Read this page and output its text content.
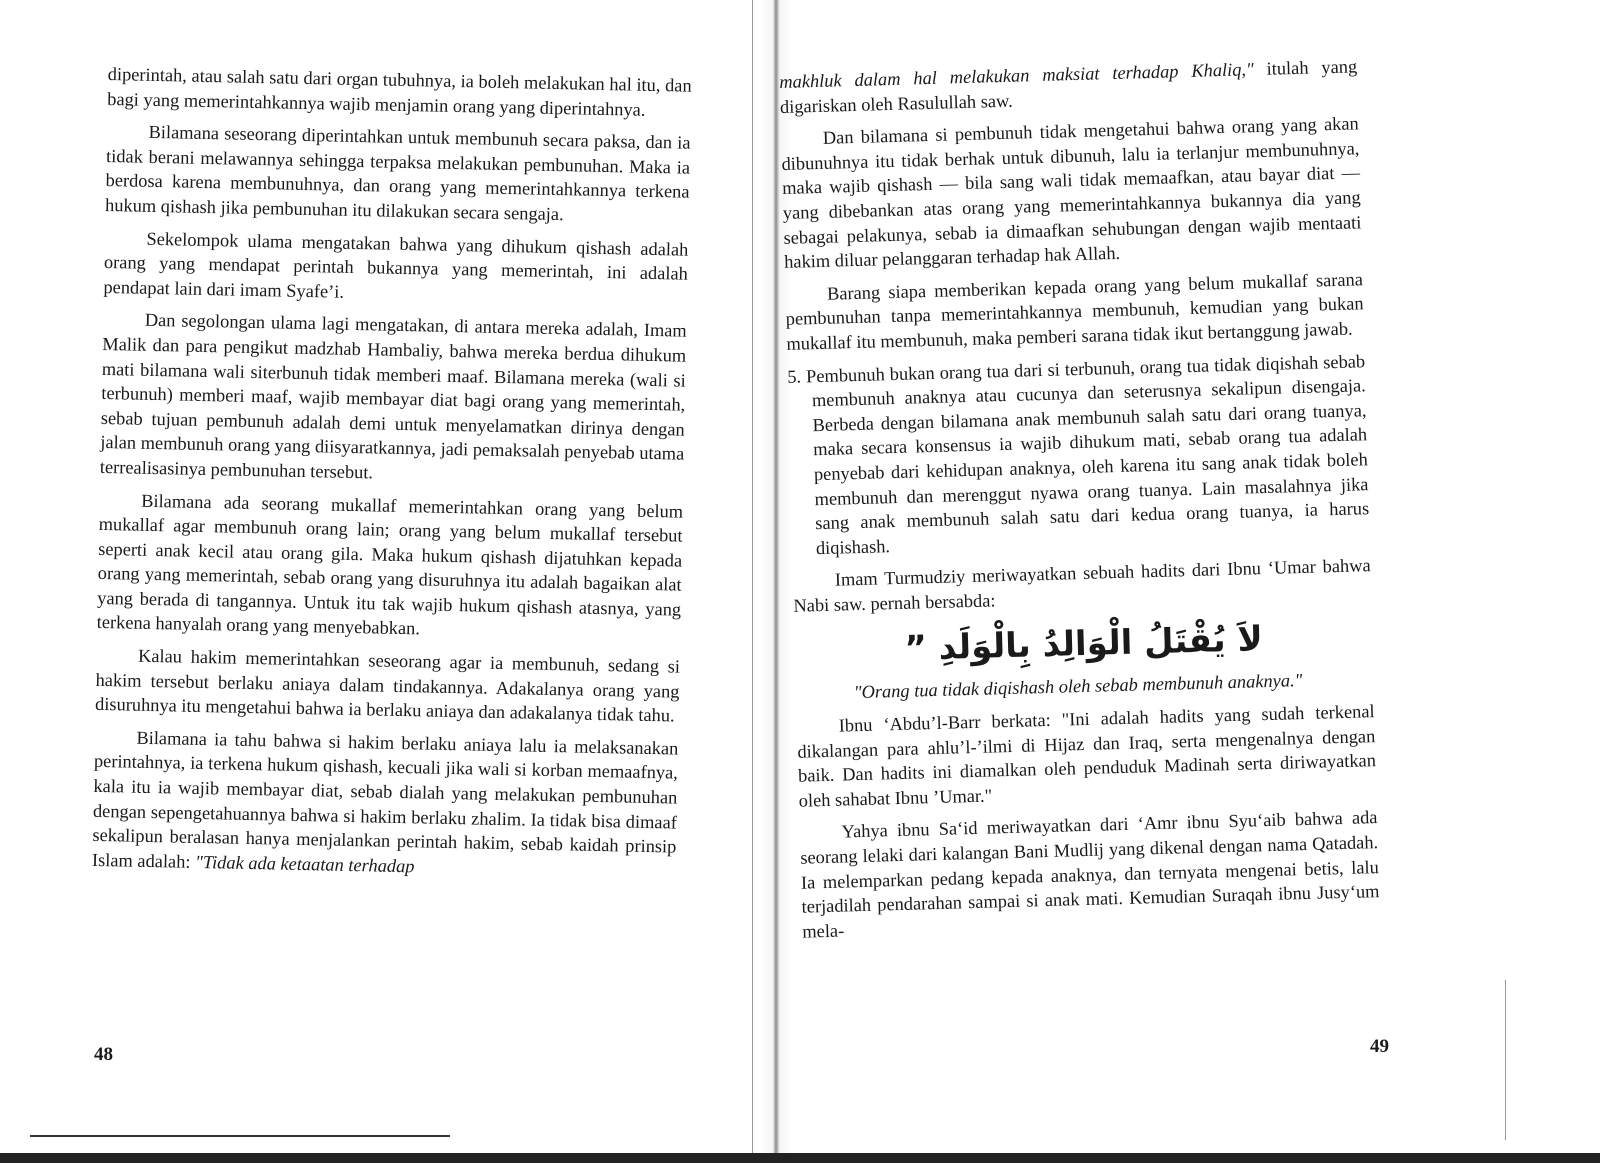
diperintah, atau salah satu dari organ tubuhnya, ia boleh melakukan hal itu, dan bagi yang memerintahkannya wajib menjamin orang yang diperintahnya.

Bilamana seseorang diperintahkan untuk membunuh secara paksa, dan ia tidak berani melawannya sehingga terpaksa melakukan pembunuhan. Maka ia berdosa karena membunuhnya, dan orang yang memerintahkannya terkena hukum qishash jika pembunuhan itu dilakukan secara sengaja.

Sekelompok ulama mengatakan bahwa yang dihukum qishash adalah orang yang mendapat perintah bukannya yang memerintah, ini adalah pendapat lain dari imam Syafe’i.

Dan segolongan ulama lagi mengatakan, di antara mereka adalah, Imam Malik dan para pengikut madzhab Hambaliy, bahwa mereka berdua dihukum mati bilamana wali siterbunuh tidak memberi maaf. Bilamana mereka (wali si terbunuh) memberi maaf, wajib membayar diat bagi orang yang memerintah, sebab tujuan pembunuh adalah demi untuk menyelamatkan dirinya dengan jalan membunuh orang yang diisyaratkannya, jadi pemaksalah penyebab utama terrealisasinya pembunuhan tersebut.

Bilamana ada seorang mukallaf memerintahkan orang yang belum mukallaf agar membunuh orang lain; orang yang belum mukallaf tersebut seperti anak kecil atau orang gila. Maka hukum qishash dijatuhkan kepada orang yang memerintah, sebab orang yang disuruhnya itu adalah bagaikan alat yang berada di tangannya. Untuk itu tak wajib hukum qishash atasnya, yang terkena hanyalah orang yang menyebabkan.

Kalau hakim memerintahkan seseorang agar ia membunuh, sedang si hakim tersebut berlaku aniaya dalam tindakannya. Adakalanya orang yang disuruhnya itu mengetahui bahwa ia berlaku aniaya dan adakalanya tidak tahu.

Bilamana ia tahu bahwa si hakim berlaku aniaya lalu ia melaksanakan perintahnya, ia terkena hukum qishash, kecuali jika wali si korban memaafnya, kala itu ia wajib membayar diat, sebab dialah yang melakukan pembunuhan dengan sepengetahuannya bahwa si hakim berlaku zhalim. Ia tidak bisa dimaaf sekalipun beralasan hanya menjalankan perintah hakim, sebab kaidah prinsip Islam adalah: "Tidak ada ketaatan terhadap

48

makhluk dalam hal melakukan maksiat terhadap Khaliq," itulah yang digariskan oleh Rasulullah saw.

Dan bilamana si pembunuh tidak mengetahui bahwa orang yang akan dibunuhnya itu tidak berhak untuk dibunuh, lalu ia terlanjur membunuhnya, maka wajib qishash — bila sang wali tidak memaafkan, atau bayar diat — yang dibebankan atas orang yang memerintahkannya bukannya dia yang sebagai pelakunya, sebab ia dimaafkan sehubungan dengan wajib mentaati hakim diluar pelanggaran terhadap hak Allah.

Barang siapa memberikan kepada orang yang belum mukallaf sarana pembunuhan tanpa memerintahkannya membunuh, kemudian yang bukan mukallaf itu membunuh, maka pemberi sarana tidak ikut bertanggung jawab.

5. Pembunuh bukan orang tua dari si terbunuh, orang tua tidak diqishah sebab membunuh anaknya atau cucunya dan seterusnya sekalipun disengaja. Berbeda dengan bilamana anak membunuh salah satu dari orang tuanya, maka secara konsensus ia wajib dihukum mati, sebab orang tua adalah penyebab dari kehidupan anaknya, oleh karena itu sang anak tidak boleh membunuh dan merenggut nyawa orang tuanya. Lain masalahnya jika sang anak membunuh salah satu dari kedua orang tuanya, ia harus diqishash.

Imam Turmudziy meriwayatkan sebuah hadits dari Ibnu ‘Umar bahwa Nabi saw. pernah bersabda:

لاَ يُقْتَلُ الْوَالِدُ بِالْوَلَدِ ”

"Orang tua tidak diqishash oleh sebab membunuh anaknya."

Ibnu ‘Abdu’l-Barr berkata: "Ini adalah hadits yang sudah terkenal dikalangan para ahlu’l-’ilmi di Hijaz dan Iraq, serta mengenalnya dengan baik. Dan hadits ini diamalkan oleh penduduk Madinah serta diriwayatkan oleh sahabat Ibnu ’Umar."

Yahya ibnu Sa‘id meriwayatkan dari ‘Amr ibnu Syu‘aib bahwa ada seorang lelaki dari kalangan Bani Mudlij yang dikenal dengan nama Qatadah. Ia melemparkan pedang kepada anaknya, dan ternyata mengenai betis, lalu terjadilah pendarahan sampai si anak mati. Kemudian Suraqah ibnu Jusy‘um mela-

49
